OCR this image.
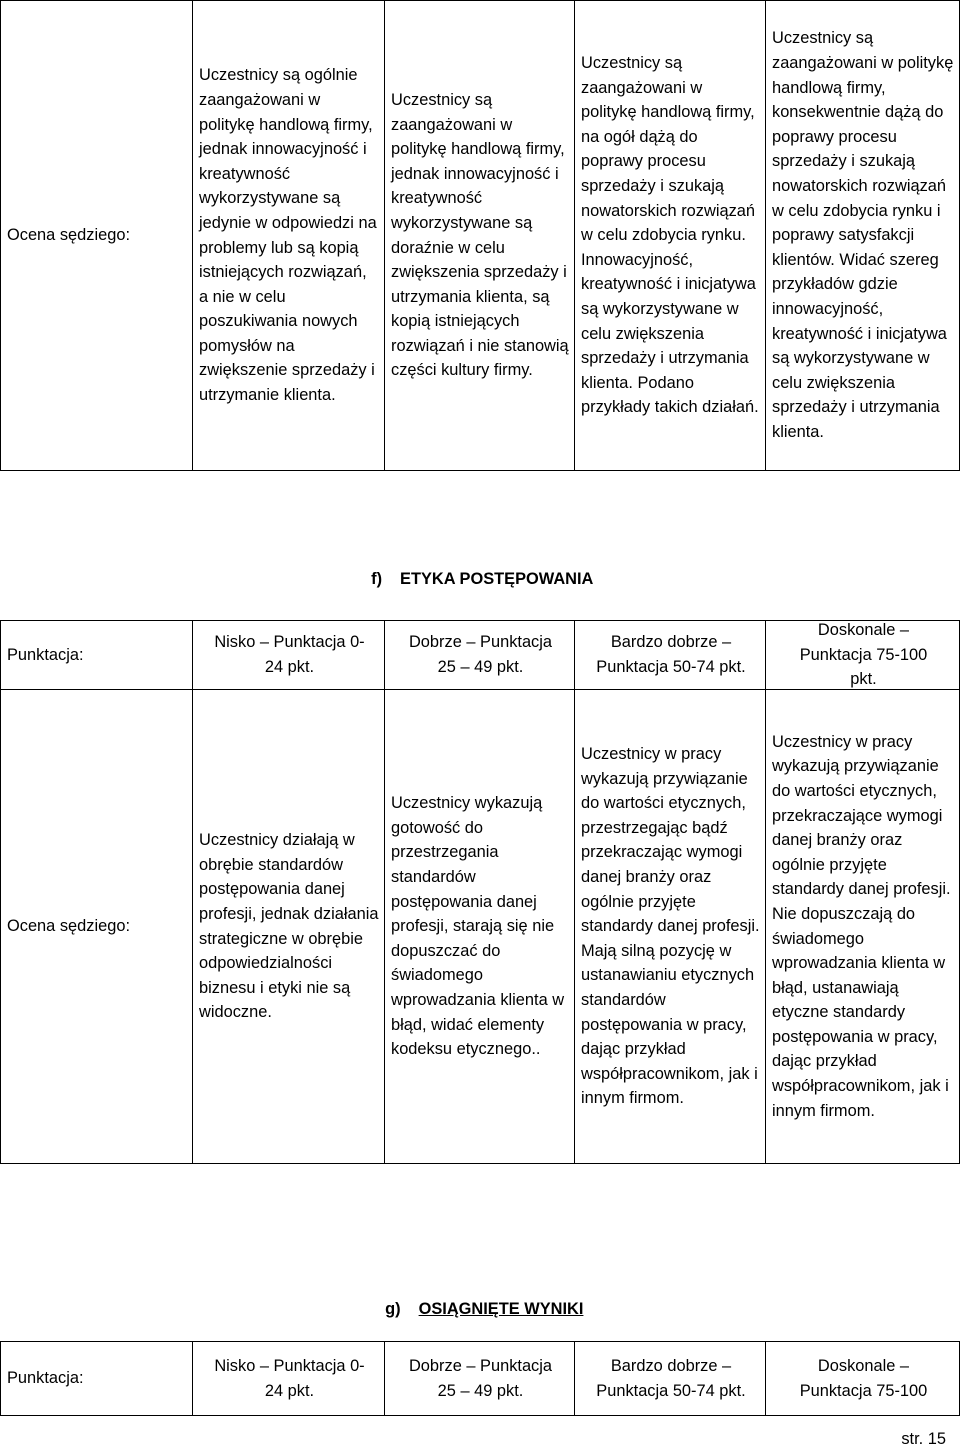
Ocena sędziego:
Uczestnicy są ogólnie zaangażowani w politykę handlową firmy, jednak innowacyjność i kreatywność wykorzystywane są jedynie w odpowiedzi na problemy lub są kopią istniejących rozwiązań, a nie w celu poszukiwania nowych pomysłów na zwiększenie sprzedaży i utrzymanie klienta.
Uczestnicy są zaangażowani w politykę handlową firmy, jednak innowacyjność i kreatywność wykorzystywane są doraźnie w celu zwiększenia sprzedaży i utrzymania klienta, są kopią istniejących rozwiązań i nie stanowią części kultury firmy.
Uczestnicy są zaangażowani w politykę handlową firmy, na ogół dążą do poprawy procesu sprzedaży i szukają nowatorskich rozwiązań w celu zdobycia rynku. Innowacyjność, kreatywność i inicjatywa są wykorzystywane w celu zwiększenia sprzedaży i utrzymania klienta. Podano przykłady takich działań.
Uczestnicy są zaangażowani w politykę handlową firmy, konsekwentnie dążą do poprawy procesu sprzedaży i szukają nowatorskich rozwiązań w celu zdobycia rynku i poprawy satysfakcji klientów. Widać szereg przykładów gdzie innowacyjność, kreatywność i inicjatywa są wykorzystywane w celu zwiększenia sprzedaży i utrzymania klienta.

f) ETYKA POSTĘPOWANIA

Punktacja:
Nisko – Punktacja 0-
24 pkt.
Dobrze – Punktacja
25 – 49 pkt.
Bardzo dobrze –
Punktacja 50-74 pkt.
Doskonale –
Punktacja 75-100
pkt.
Ocena sędziego:
Uczestnicy działają w obrębie standardów postępowania danej profesji, jednak działania strategiczne w obrębie odpowiedzialności biznesu i etyki nie są widoczne.
Uczestnicy wykazują gotowość do przestrzegania standardów postępowania danej profesji, starają się nie dopuszczać do świadomego wprowadzania klienta w błąd, widać elementy kodeksu etycznego..
Uczestnicy w pracy wykazują przywiązanie do wartości etycznych, przestrzegając bądź przekraczając wymogi danej branży oraz ogólnie przyjęte standardy danej profesji. Mają silną pozycję w ustanawianiu etycznych standardów postępowania w pracy, dając przykład współpracownikom, jak i innym firmom.
Uczestnicy w pracy wykazują przywiązanie do wartości etycznych, przekraczające wymogi danej branży oraz ogólnie przyjęte standardy danej profesji. Nie dopuszczają do świadomego wprowadzania klienta w błąd, ustanawiają etyczne standardy postępowania w pracy, dając przykład współpracownikom, jak i innym firmom.

g) OSIĄGNIĘTE WYNIKI

Punktacja:
Nisko – Punktacja 0-
24 pkt.
Dobrze – Punktacja
25 – 49 pkt.
Bardzo dobrze –
Punktacja 50-74 pkt.
Doskonale –
Punktacja 75-100
str. 15
